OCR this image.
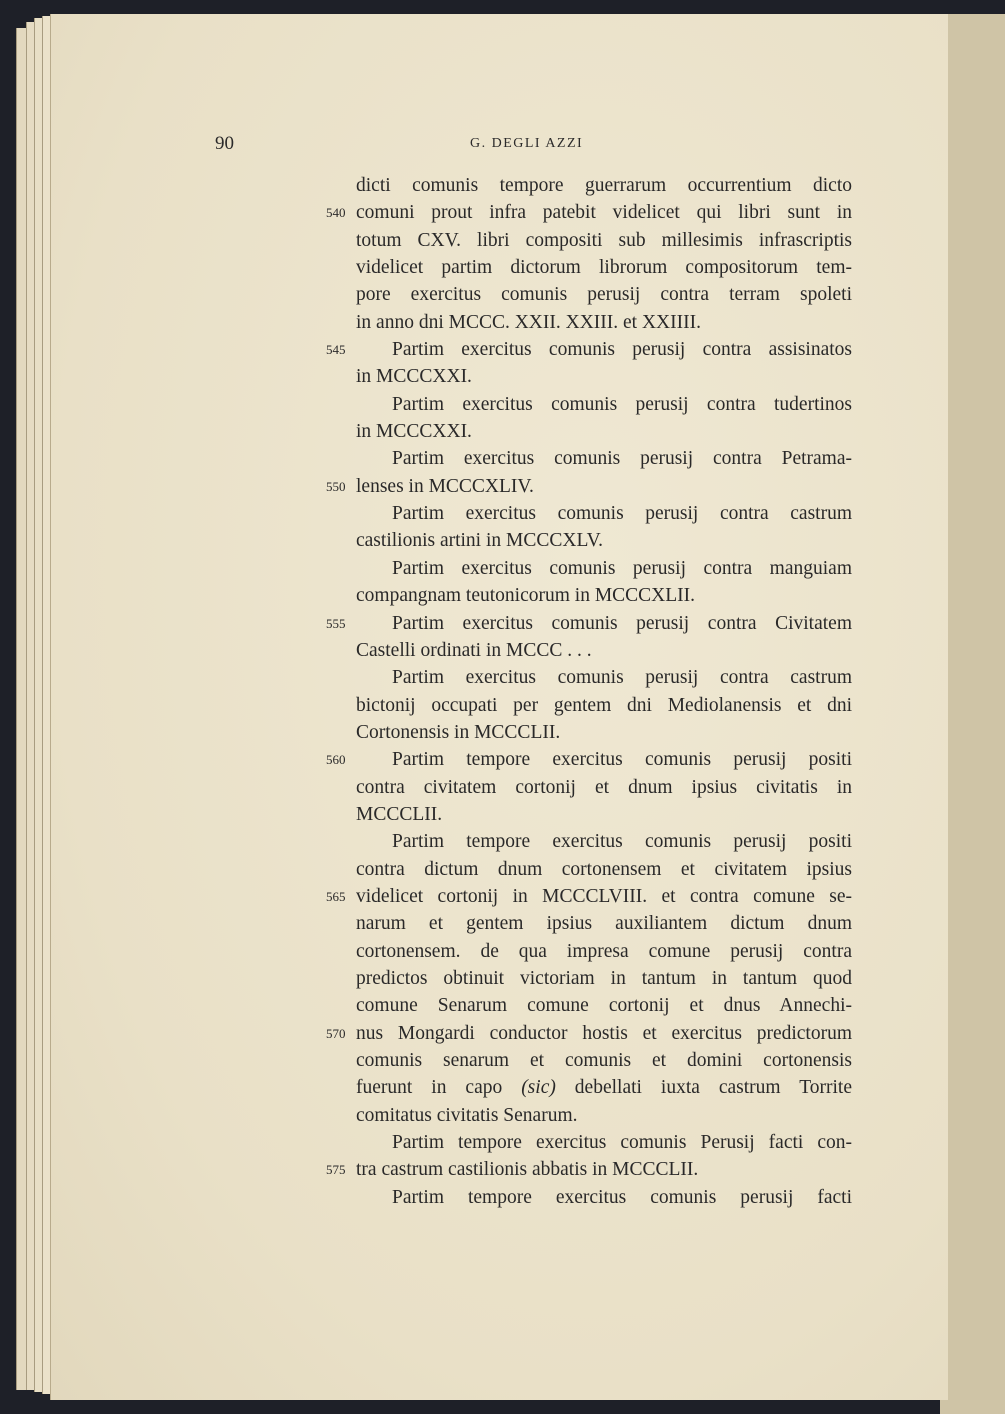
90	G. DEGLI AZZI
dicti comunis tempore guerrarum occurrentium dicto
540 comuni prout infra patebit videlicet qui libri sunt in
totum CXV. libri compositi sub millesimis infrascriptis
videlicet partim dictorum librorum compositorum tem-
pore exercitus comunis perusij contra terram spoleti
in anno dni MCCC. XXII. XXIII. et XXIIII.
545 Partim exercitus comunis perusij contra assisinatos
in MCCCXXI.
Partim exercitus comunis perusij contra tudertinos
in MCCCXXI.
Partim exercitus comunis perusij contra Petrama-
550 lenses in MCCCXLIV.
Partim exercitus comunis perusij contra castrum
castilionis artini in MCCCXLV.
Partim exercitus comunis perusij contra manguiam
compangnam teutonicorum in MCCCXLII.
555 Partim exercitus comunis perusij contra Civitatem
Castelli ordinati in MCCC . . .
Partim exercitus comunis perusij contra castrum
bictonij occupati per gentem dni Mediolanensis et dni
Cortonensis in MCCCLII.
560 Partim tempore exercitus comunis perusij positi
contra civitatem cortonij et dnum ipsius civitatis in
MCCCLII.
Partim tempore exercitus comunis perusij positi
contra dictum dnum cortonensem et civitatem ipsius
565 videlicet cortonij in MCCCLVIII. et contra comune se-
narum et gentem ipsius auxiliantem dictum dnum
cortonensem. de qua impresa comune perusij contra
predictos obtinuit victoriam in tantum in tantum quod
comune Senarum comune cortonij et dnus Annechi-
570 nus Mongardi conductor hostis et exercitus predictorum
comunis senarum et comunis et domini cortonensis
fuerunt in capo (sic) debellati iuxta castrum Torrite
comitatus civitatis Senarum.
Partim tempore exercitus comunis Perusij facti con-
575 tra castrum castilionis abbatis in MCCCLII.
Partim tempore exercitus comunis perusij facti
